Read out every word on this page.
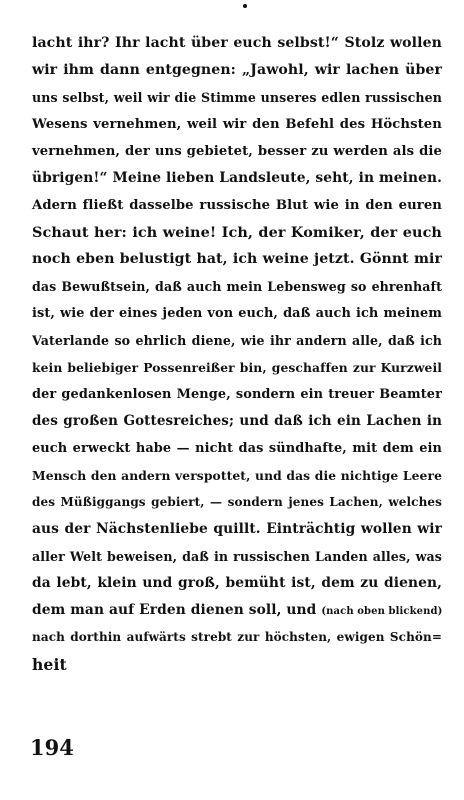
lacht ihr? Ihr lacht über euch selbst!“ Stolz wollen
wir ihm dann entgegnen: „Jawohl, wir lachen über
uns selbst, weil wir die Stimme unseres edlen russischen
Wesens vernehmen, weil wir den Befehl des Höchsten
vernehmen, der uns gebietet, besser zu werden als die
übrigen!“ Meine lieben Landsleute, seht, in meinen.
Adern fließt dasselbe russische Blut wie in den euren
Schaut her: ich weine! Ich, der Komiker, der euch
noch eben belustigt hat, ich weine jetzt. Gönnt mir
das Bewußtsein, daß auch mein Lebensweg so ehrenhaft
ist, wie der eines jeden von euch, daß auch ich meinem
Vaterlande so ehrlich diene, wie ihr andern alle, daß ich
kein beliebiger Possenreißer bin, geschaffen zur Kurzweil
der gedankenlosen Menge, sondern ein treuer Beamter
des großen Gottesreiches; und daß ich ein Lachen in
euch erweckt habe — nicht das sündhafte, mit dem ein
Mensch den andern verspottet, und das die nichtige Leere
des Müßiggangs gebiert, — sondern jenes Lachen, welches
aus der Nächstenliebe quillt. Einträchtig wollen wir
aller Welt beweisen, daß in russischen Landen alles, was
da lebt, klein und groß, bemüht ist, dem zu dienen,
dem man auf Erden dienen soll, und (nach oben blickend)
nach dorthin aufwärts strebt zur höchsten, ewigen Schön=
heit
194
